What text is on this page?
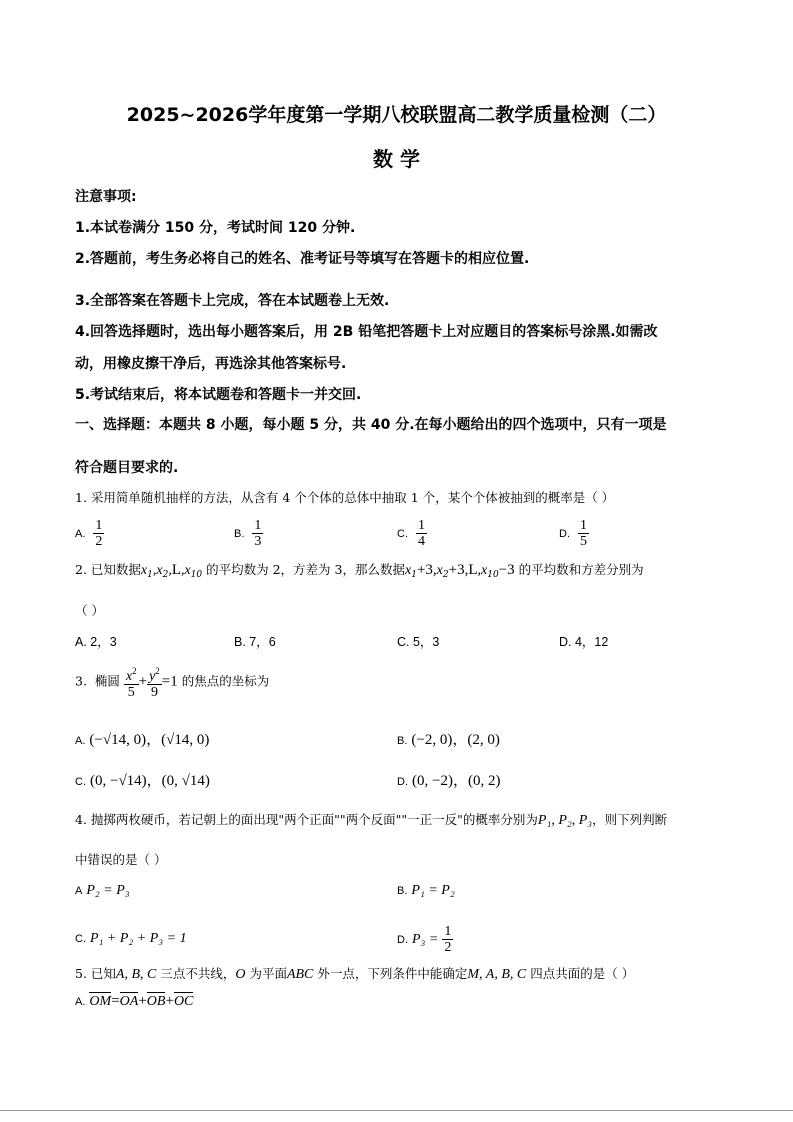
2025~2026学年度第一学期八校联盟高二教学质量检测（二）
数 学
注意事项:
1.本试卷满分 150 分，考试时间 120 分钟.
2.答题前，考生务必将自己的姓名、准考证号等填写在答题卡的相应位置.
3.全部答案在答题卡上完成，答在本试题卷上无效.
4.回答选择题时，选出每小题答案后，用 2B 铅笔把答题卡上对应题目的答案标号涂黑.如需改
动，用橡皮擦干净后，再选涂其他答案标号.
5.考试结束后，将本试题卷和答题卡一并交回.
一、选择题：本题共 8 小题，每小题 5 分，共 40 分.在每小题给出的四个选项中，只有一项是
符合题目要求的.
1. 采用简单随机抽样的方法，从含有 4 个个体的总体中抽取 1 个，某个个体被抽到的概率是（ ）
A. $\frac{1}{2}$	B. $\frac{1}{3}$	C. $\frac{1}{4}$	D. $\frac{1}{5}$
2. 已知数据$x_1,x_2,L,x_{10}$ 的平均数为 2，方差为 3，那么数据$x_1+3,x_2+3,L,x_{10}-3$ 的平均数和方差分别为
（ ）
A. 2，3	B. 7，6	C. 5，3	D. 4，12
3. 椭圆 $\frac{x^2}{5} + \frac{y^2}{9} =1$ 的焦点的坐标为
A. (−√14, 0)，(√14, 0)	B. (−2, 0)，(2, 0)
C. (0, −√14)，(0, √14)	D. (0, −2)，(0, 2)
4. 抛掷两枚硬币，若记朝上的面出现"两个正面""两个反面""一正一反"的概率分别为P₁, P₂, P₃，则下列判断
中错误的是（ ）
A P₂ = P₃	B. P₁ = P₂
C. P₁ + P₂ + P₃ = 1	D. $P_3 = \frac{1}{2}$
5. 已知A, B, C 三点不共线，O 为平面ABC 外一点，下列条件中能确定M, A, B, C 四点共面的是（ ）
A. OM=OA+OB+OC
